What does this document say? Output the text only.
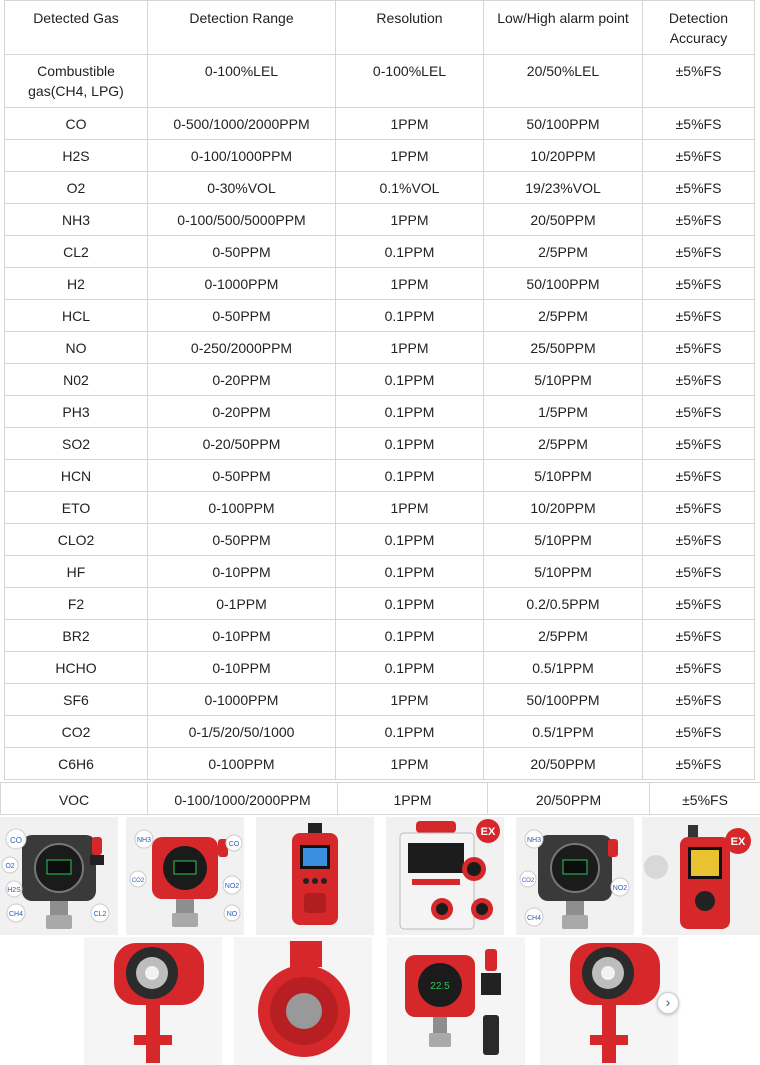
Detected Gas	Detection Range	Resolution	Low/High alarm point	Detection Accuracy
Combustible gas(CH4, LPG)	0-100%LEL	0-100%LEL	20/50%LEL	±5%FS
CO	0-500/1000/2000PPM	1PPM	50/100PPM	±5%FS
H2S	0-100/1000PPM	1PPM	10/20PPM	±5%FS
O2	0-30%VOL	0.1%VOL	19/23%VOL	±5%FS
NH3	0-100/500/5000PPM	1PPM	20/50PPM	±5%FS
CL2	0-50PPM	0.1PPM	2/5PPM	±5%FS
H2	0-1000PPM	1PPM	50/100PPM	±5%FS
HCL	0-50PPM	0.1PPM	2/5PPM	±5%FS
NO	0-250/2000PPM	1PPM	25/50PPM	±5%FS
N02	0-20PPM	0.1PPM	5/10PPM	±5%FS
PH3	0-20PPM	0.1PPM	1/5PPM	±5%FS
SO2	0-20/50PPM	0.1PPM	2/5PPM	±5%FS
HCN	0-50PPM	0.1PPM	5/10PPM	±5%FS
ETO	0-100PPM	1PPM	10/20PPM	±5%FS
CLO2	0-50PPM	0.1PPM	5/10PPM	±5%FS
HF	0-10PPM	0.1PPM	5/10PPM	±5%FS
F2	0-1PPM	0.1PPM	0.2/0.5PPM	±5%FS
BR2	0-10PPM	0.1PPM	2/5PPM	±5%FS
HCHO	0-10PPM	0.1PPM	0.5/1PPM	±5%FS
SF6	0-1000PPM	1PPM	50/100PPM	±5%FS
CO2	0-1/5/20/50/1000	0.1PPM	0.5/1PPM	±5%FS
C6H6	0-100PPM	1PPM	20/50PPM	±5%FS
VOC	0-100/1000/2000PPM	1PPM	20/50PPM	±5%FS
CO
O2
H2S
CH4	CL2
NH3
CO
CO2
NO2
NO
EX
NH3
CO2
NO2
CH4
EX
22.5
›
